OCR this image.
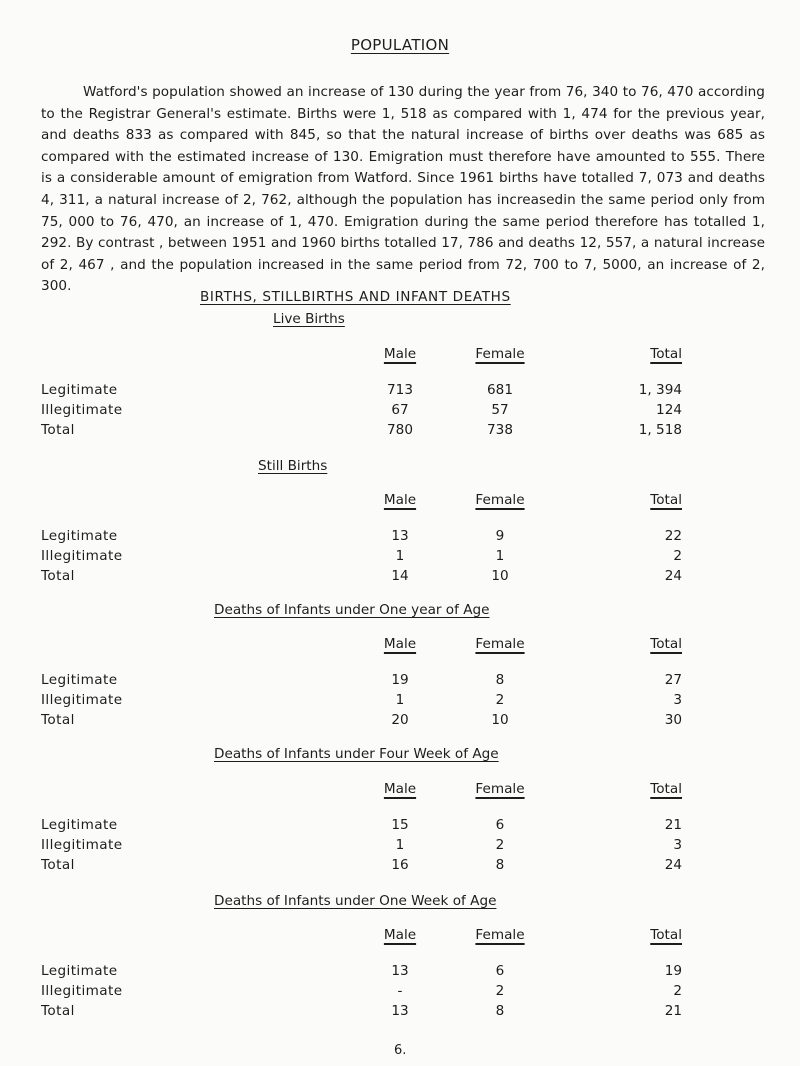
POPULATION

Watford's population showed an increase of 130 during the year from 76, 340 to 76, 470 according to the Registrar General's estimate. Births were 1, 518 as compared with 1, 474 for the previous year, and deaths 833 as compared with 845, so that the natural increase of births over deaths was 685 as compared with the estimated increase of 130. Emigration must therefore have amounted to 555. There is a considerable amount of emigration from Watford. Since 1961 births have totalled 7, 073 and deaths 4, 311, a natural increase of 2, 762, although the population has increasedin the same period only from 75, 000 to 76, 470, an increase of 1, 470. Emigration during the same period therefore has totalled 1, 292. By contrast , between 1951 and 1960 births totalled 17, 786 and deaths 12, 557, a natural increase of 2, 467 , and the population increased in the same period from 72, 700 to 7, 5000, an increase of 2, 300.

BIRTHS, STILLBIRTHS AND INFANT DEATHS
Live Births
Male	Female	Total
Legitimate	713	681	1, 394
Illegitimate	67	57	124
Total	780	738	1, 518
Still Births
Male	Female	Total
Legitimate	13	9	22
Illegitimate	1	1	2
Total	14	10	24
Deaths of Infants under One year of Age
Male	Female	Total
Legitimate	19	8	27
Illegitimate	1	2	3
Total	20	10	30
Deaths of Infants under Four Week of Age
Male	Female	Total
Legitimate	15	6	21
Illegitimate	1	2	3
Total	16	8	24
Deaths of Infants under One Week of Age
Male	Female	Total
Legitimate	13	6	19
Illegitimate	-	2	2
Total	13	8	21
6.
